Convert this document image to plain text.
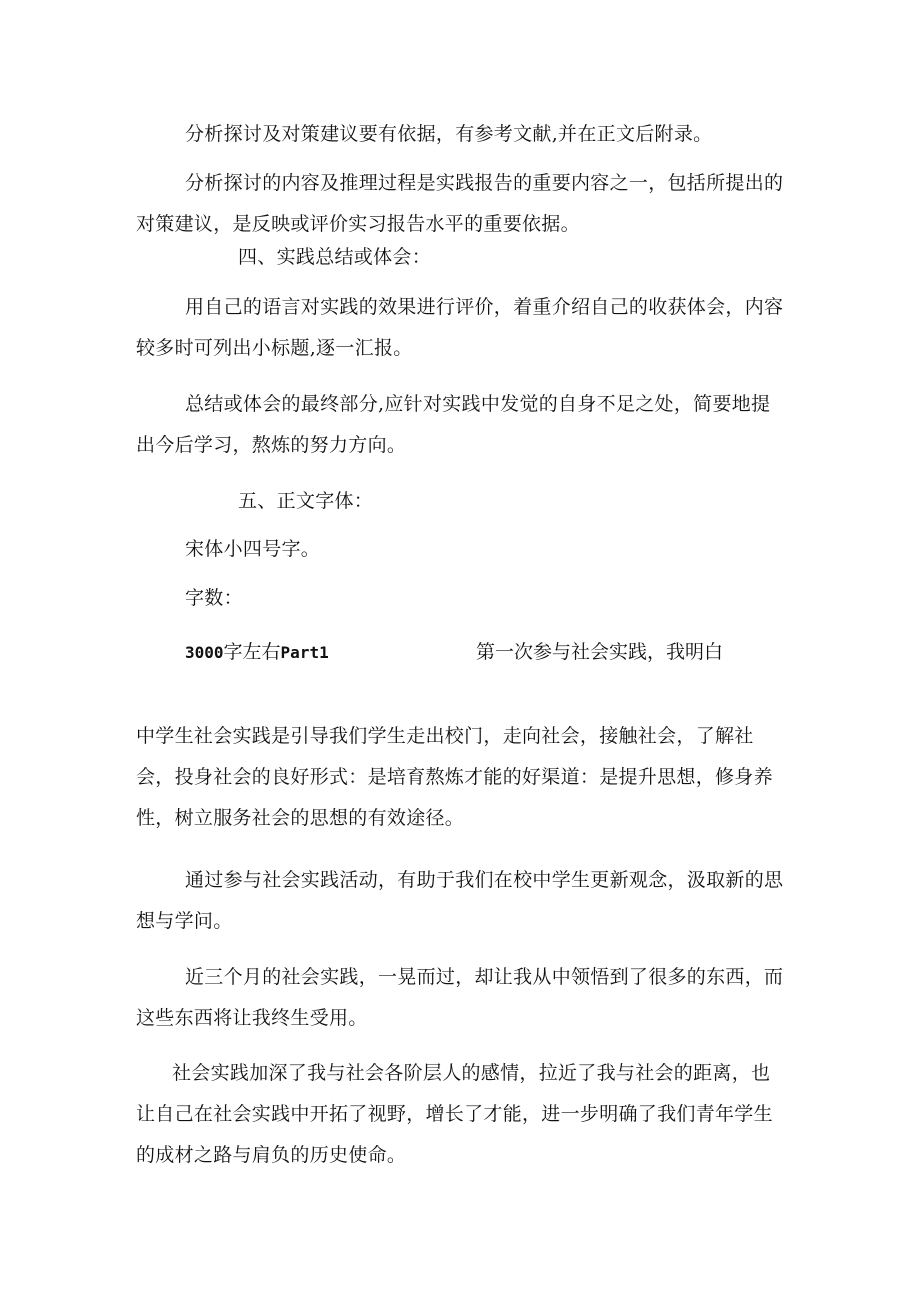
分析探讨及对策建议要有依据，有参考文献,并在正文后附录。

分析探讨的内容及推理过程是实践报告的重要内容之一，包括所提出的对策建议，是反映或评价实习报告水平的重要依据。

四、实践总结或体会：

用自己的语言对实践的效果进行评价，着重介绍自己的收获体会，内容较多时可列出小标题,逐一汇报。

总结或体会的最终部分,应针对实践中发觉的自身不足之处，简要地提出今后学习，熬炼的努力方向。

五、正文字体：

宋体小四号字。

字数：

3000字左右Part1	第一次参与社会实践，我明白

中学生社会实践是引导我们学生走出校门，走向社会，接触社会，了解社会，投身社会的良好形式：是培育熬炼才能的好渠道：是提升思想，修身养性，树立服务社会的思想的有效途径。

通过参与社会实践活动，有助于我们在校中学生更新观念，汲取新的思想与学问。

近三个月的社会实践，一晃而过，却让我从中领悟到了很多的东西，而这些东西将让我终生受用。

社会实践加深了我与社会各阶层人的感情，拉近了我与社会的距离，也让自己在社会实践中开拓了视野，增长了才能，进一步明确了我们青年学生的成材之路与肩负的历史使命。
